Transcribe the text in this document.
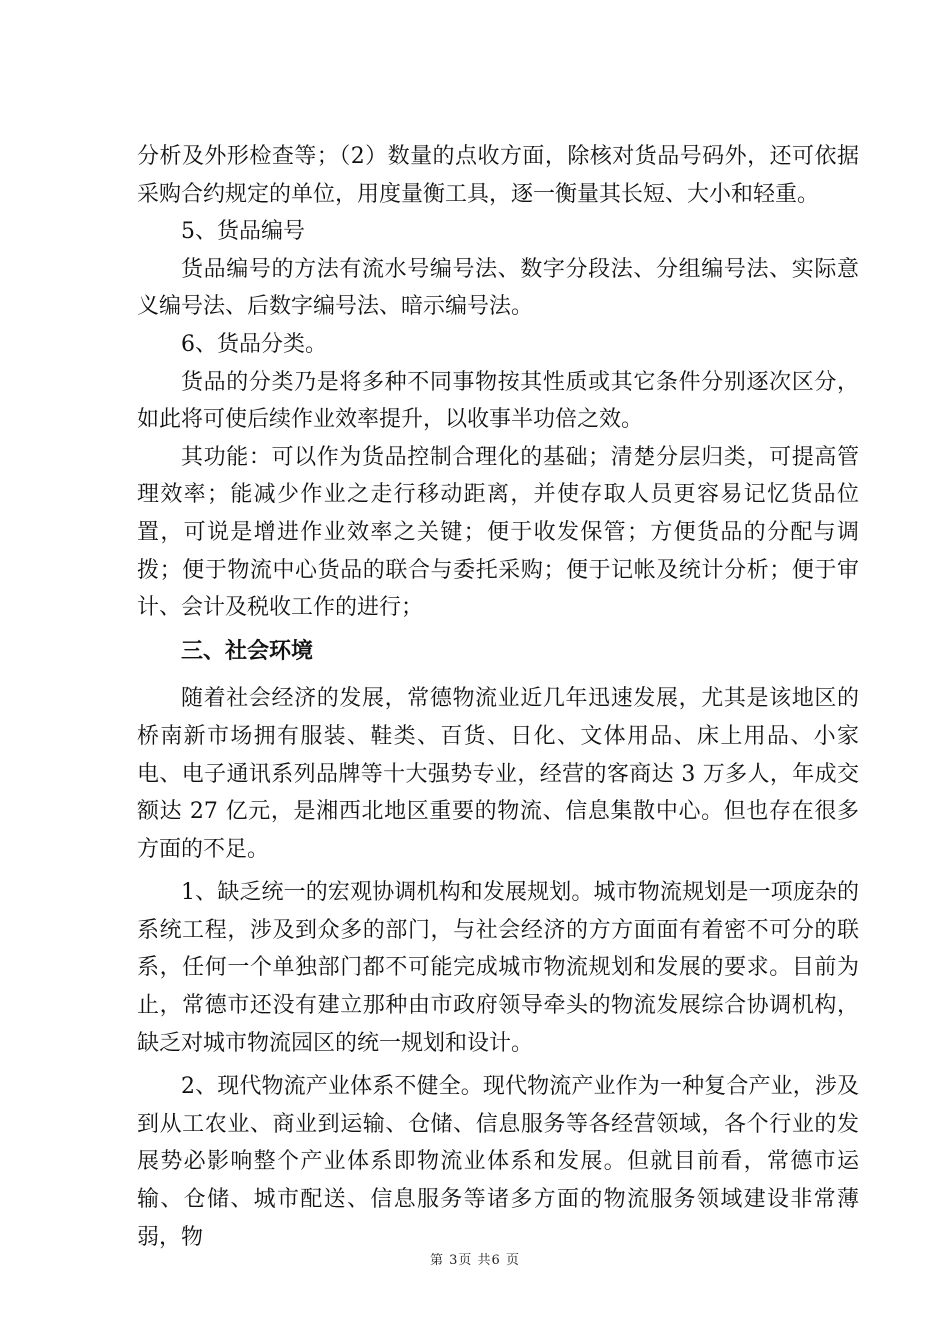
分析及外形检查等；（2）数量的点收方面，除核对货品号码外，还可依据采购合约规定的单位，用度量衡工具，逐一衡量其长短、大小和轻重。

5、货品编号

货品编号的方法有流水号编号法、数字分段法、分组编号法、实际意义编号法、后数字编号法、暗示编号法。

6、货品分类。

货品的分类乃是将多种不同事物按其性质或其它条件分别逐次区分，如此将可使后续作业效率提升，以收事半功倍之效。

其功能：可以作为货品控制合理化的基础；清楚分层归类，可提高管理效率；能减少作业之走行移动距离，并使存取人员更容易记忆货品位置，可说是增进作业效率之关键；便于收发保管；方便货品的分配与调拨；便于物流中心货品的联合与委托采购；便于记帐及统计分析；便于审计、会计及税收工作的进行；

三、社会环境

随着社会经济的发展，常德物流业近几年迅速发展，尤其是该地区的桥南新市场拥有服装、鞋类、百货、日化、文体用品、床上用品、小家电、电子通讯系列品牌等十大强势专业，经营的客商达 3 万多人，年成交额达 27 亿元，是湘西北地区重要的物流、信息集散中心。但也存在很多方面的不足。

1、缺乏统一的宏观协调机构和发展规划。城市物流规划是一项庞杂的系统工程，涉及到众多的部门，与社会经济的方方面面有着密不可分的联系，任何一个单独部门都不可能完成城市物流规划和发展的要求。目前为止，常德市还没有建立那种由市政府领导牵头的物流发展综合协调机构，缺乏对城市物流园区的统一规划和设计。

2、现代物流产业体系不健全。现代物流产业作为一种复合产业，涉及到从工农业、商业到运输、仓储、信息服务等各经营领域，各个行业的发展势必影响整个产业体系即物流业体系和发展。但就目前看，常德市运输、仓储、城市配送、信息服务等诸多方面的物流服务领域建设非常薄弱，物

第 3页 共6 页
